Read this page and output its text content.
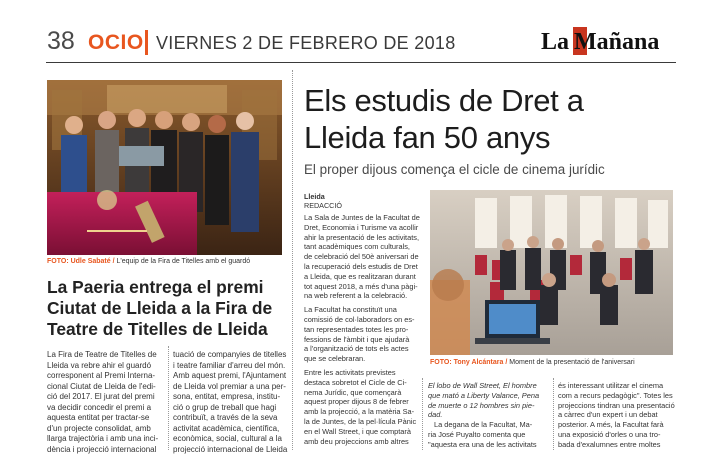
38 OCIO VIERNES 2 DE FEBRERO DE 2018	La Mañana
FOTO: Udle Sabaté / L'equip de la Fira de Titelles amb el guardó
La Paeria entrega el premi
Ciutat de Lleida a la Fira de
Teatre de Titelles de Lleida
La Fira de Teatre de Titelles de
Lleida va rebre ahir el guardó
corresponent al Premi Interna-
cional Ciutat de Lleida de l'edi-
ció del 2017. El jurat del premi
va decidir concedir el premi a
aquesta entitat per tractar-se
d'un projecte consolidat, amb
llarga trajectòria i amb una inci-
dència i projecció internacional
tuació de companyies de titelles
i teatre familiar d'arreu del món.
Amb aquest premi, l'Ajuntament
de Lleida vol premiar a una per-
sona, entitat, empresa, institu-
ció o grup de treball que hagi
contribuït, a través de la seva
activitat acadèmica, científica,
econòmica, social, cultural a la
projecció internacional de Lleida
Els estudis de Dret a
Lleida fan 50 anys
El proper dijous comença el cicle de cinema jurídic
Lleida
REDACCIÓ
La Sala de Juntes de la Facultat de
Dret, Economia i Turisme va acollir
ahir la presentació de les activitats,
tant acadèmiques com culturals,
de celebració del 50è aniversari de
la recuperació dels estudis de Dret
a Lleida, que es realitzaran durant
tot aquest 2018, a més d'una pàgi-
na web referent a la celebració.
La Facultat ha constituït una
comissió de col·laboradors on es-
tan representades totes les pro-
fessions de l'àmbit i que ajudarà
a l'organització de tots els actes
que se celebraran.
Entre les activitats previstes
destaca sobretot el Cicle de Ci-
nema Jurídic, que començarà
aquest proper dijous 8 de febrer
amb la projecció, a la matèria Sa-
la de Juntes, de la pel·lícula Pànic
en el Wall Street, i que comptarà
amb deu projeccions amb altres
FOTO: Tony Alcántara / Moment de la presentació de l'aniversari
El lobo de Wall Street, El hombre
que mató a Liberty Valance, Pena
de muerte o 12 hombres sin pie-
dad.
La degana de la Facultat, Ma-
ria José Puyalto comenta que
"aquesta era una de les activitats
és interessant utilitzar el cinema
com a recurs pedagògic". Totes les
projeccions tindran una presentació
a càrrec d'un expert i un debat
posterior. A més, la Facultat farà
una exposició d'orles o una tro-
bada d'exalumnes entre moltes
